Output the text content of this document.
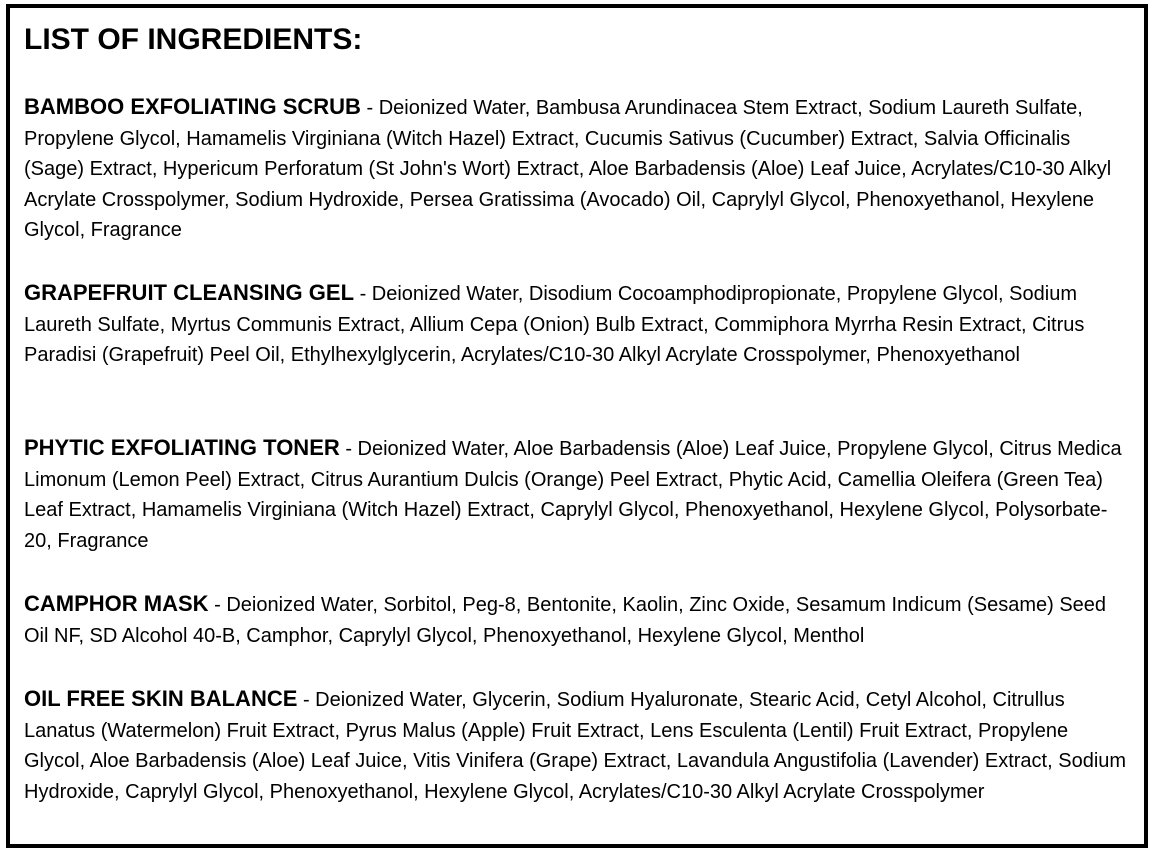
LIST OF INGREDIENTS:

BAMBOO EXFOLIATING SCRUB - Deionized Water, Bambusa Arundinacea Stem Extract, Sodium Laureth Sulfate, Propylene Glycol, Hamamelis Virginiana (Witch Hazel) Extract, Cucumis Sativus (Cucumber) Extract, Salvia Officinalis (Sage) Extract, Hypericum Perforatum (St John's Wort) Extract, Aloe Barbadensis (Aloe) Leaf Juice, Acrylates/C10-30 Alkyl Acrylate Crosspolymer, Sodium Hydroxide, Persea Gratissima (Avocado) Oil, Caprylyl Glycol, Phenoxyethanol, Hexylene Glycol, Fragrance

GRAPEFRUIT CLEANSING GEL - Deionized Water, Disodium Cocoamphodipropionate, Propylene Glycol, Sodium Laureth Sulfate, Myrtus Communis Extract, Allium Cepa (Onion) Bulb Extract, Commiphora Myrrha Resin Extract, Citrus Paradisi (Grapefruit) Peel Oil, Ethylhexylglycerin, Acrylates/C10-30 Alkyl Acrylate Crosspolymer, Phenoxyethanol

PHYTIC EXFOLIATING TONER - Deionized Water, Aloe Barbadensis (Aloe) Leaf Juice, Propylene Glycol, Citrus Medica Limonum (Lemon Peel) Extract, Citrus Aurantium Dulcis (Orange) Peel Extract, Phytic Acid, Camellia Oleifera (Green Tea) Leaf Extract, Hamamelis Virginiana (Witch Hazel) Extract, Caprylyl Glycol, Phenoxyethanol, Hexylene Glycol, Polysorbate-20, Fragrance

CAMPHOR MASK - Deionized Water, Sorbitol, Peg-8, Bentonite, Kaolin, Zinc Oxide, Sesamum Indicum (Sesame) Seed Oil NF, SD Alcohol 40-B, Camphor, Caprylyl Glycol, Phenoxyethanol, Hexylene Glycol, Menthol

OIL FREE SKIN BALANCE - Deionized Water, Glycerin, Sodium Hyaluronate, Stearic Acid, Cetyl Alcohol, Citrullus Lanatus (Watermelon) Fruit Extract, Pyrus Malus (Apple) Fruit Extract, Lens Esculenta (Lentil) Fruit Extract, Propylene Glycol, Aloe Barbadensis (Aloe) Leaf Juice, Vitis Vinifera (Grape) Extract, Lavandula Angustifolia (Lavender) Extract, Sodium Hydroxide, Caprylyl Glycol, Phenoxyethanol, Hexylene Glycol, Acrylates/C10-30 Alkyl Acrylate Crosspolymer
